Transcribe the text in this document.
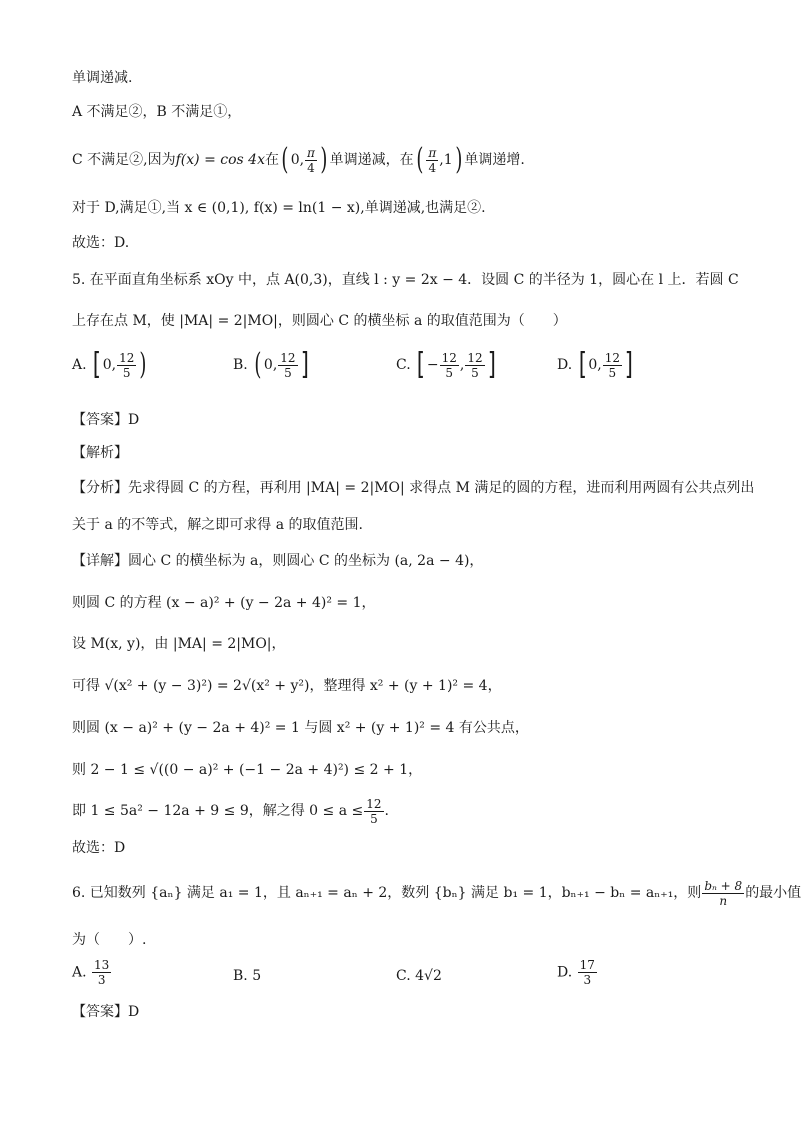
单调递减.
A 不满足②，B 不满足①，
C 不满足②,因为f(x) = cos 4x在( 0, $\frac{\pi}{4}$ ) 单调递减，在( $\frac{\pi}{4} ,1$) 单调递增.
对于 D,满足①,当 x ∈ (0,1), f(x) = ln(1 − x),单调递减,也满足②.
故选：D.
5. 在平面直角坐标系 xOy 中，点 A(0,3)，直线 l : y = 2x − 4．设圆 C 的半径为 1，圆心在 l 上．若圆 C
上存在点 M，使 |MA| = 2|MO|，则圆心 C 的横坐标 a 的取值范围为（　　）
A. [ 0, $\frac{12}{5}$ )	B. ( 0, $\frac{12}{5}$ ]	C. [ − $\frac{12}{5}$ , $\frac{12}{5}$ ]	D. [ 0, $\frac{12}{5}$ ]
【答案】D
【解析】
【分析】先求得圆 C 的方程，再利用 |MA| = 2|MO| 求得点 M 满足的圆的方程，进而利用两圆有公共点列出
关于 a 的不等式，解之即可求得 a 的取值范围.
【详解】圆心 C 的横坐标为 a，则圆心 C 的坐标为 (a, 2a − 4)，
则圆 C 的方程 (x − a)² + (y − 2a + 4)² = 1，
设 M(x, y)，由 |MA| = 2|MO|，
可得 √(x² + (y − 3)²) = 2√(x² + y²)，整理得 x² + (y + 1)² = 4，
则圆 (x − a)² + (y − 2a + 4)² = 1 与圆 x² + (y + 1)² = 4 有公共点，
则 2 − 1 ≤ √((0 − a)² + (−1 − 2a + 4)²) ≤ 2 + 1，
即 1 ≤ 5a² − 12a + 9 ≤ 9，解之得 $0 \le a \le \frac{12}{5}$ .
故选：D
6. 已知数列 {aₙ} 满足 a₁ = 1，且 aₙ₊₁ = aₙ + 2，数列 {bₙ} 满足 b₁ = 1，bₙ₊₁ − bₙ = aₙ₊₁，则 $\frac{\text{bₙ + 8}}{n}$ 的最小值
为（　　）.
A. $\frac{13}{3}$	B. 5	C. 4√2	D. $\frac{17}{3}$
【答案】D
